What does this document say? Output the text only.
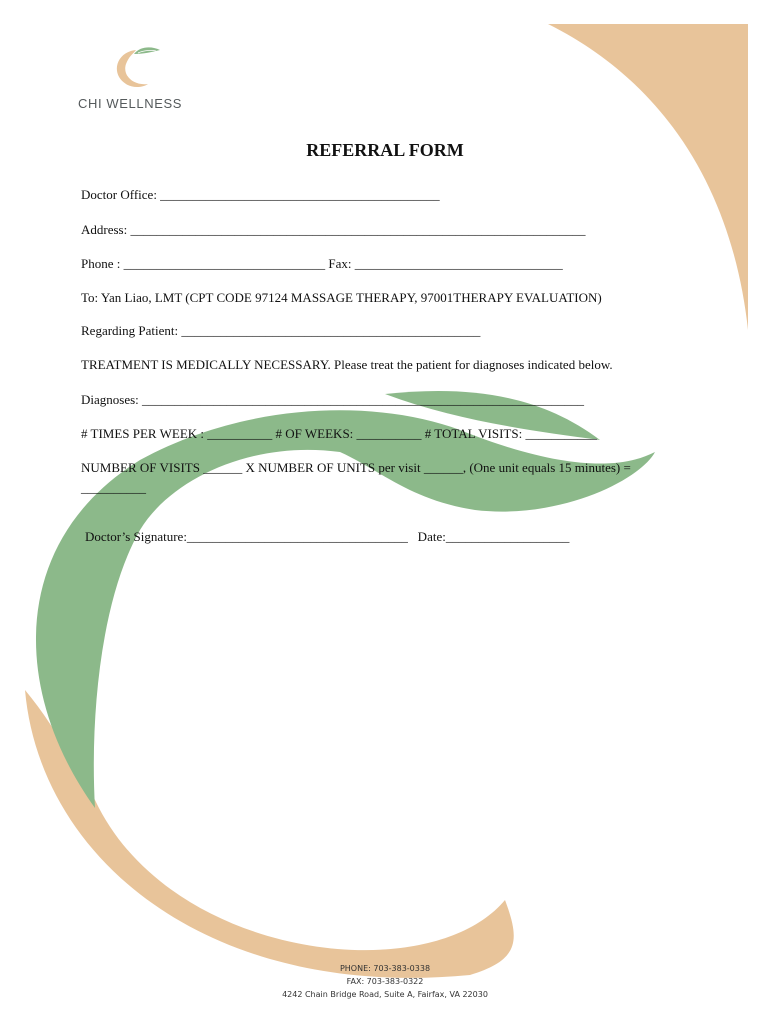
CHI WELLNESS
REFERRAL FORM
Doctor Office: ___________________________________________
Address: ______________________________________________________________________
Phone : _______________________________ Fax: ________________________________
To: Yan Liao, LMT (CPT CODE 97124 MASSAGE THERAPY, 97001THERAPY EVALUATION)
Regarding Patient: ______________________________________________
TREATMENT IS MEDICALLY NECESSARY. Please treat the patient for diagnoses indicated below.
Diagnoses: ____________________________________________________________________
# TIMES PER WEEK : __________ # OF WEEKS: __________ # TOTAL VISITS: ___________
NUMBER OF VISITS ______ X NUMBER OF UNITS per visit ______, (One unit equals 15 minutes) =
__________
Doctor’s Signature:__________________________________   Date:___________________
PHONE: 703-383-0338
FAX: 703-383-0322
4242 Chain Bridge Road, Suite A, Fairfax, VA 22030
